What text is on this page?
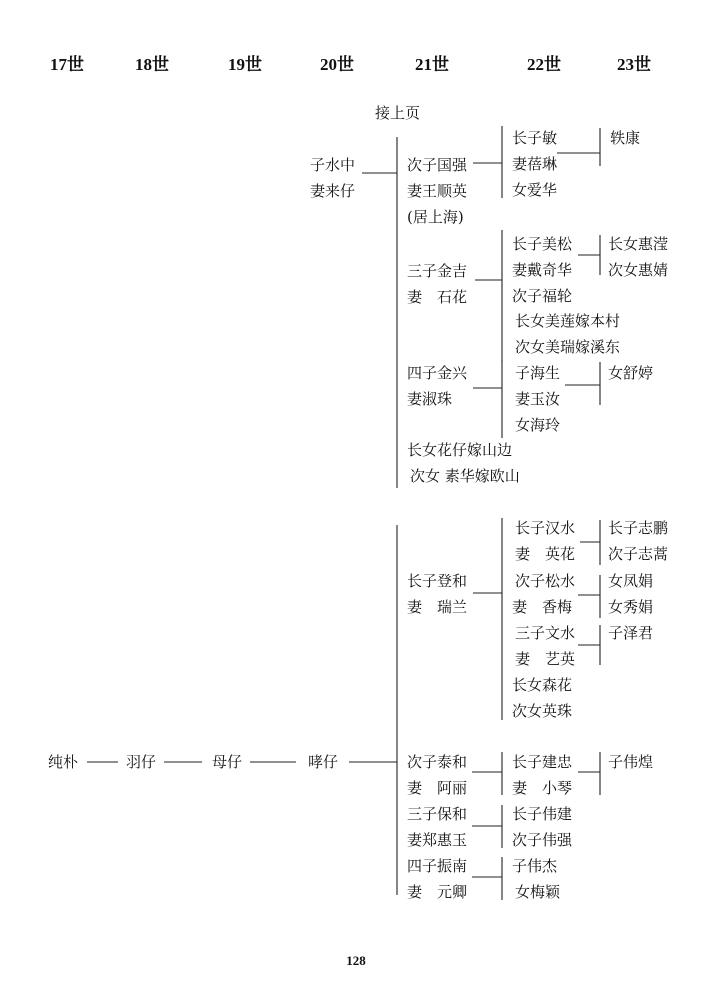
17世	18世	19世	20世	21世	22世	23世
接上页
子水中
妻来仔
次子国强
妻王顺英
(居上海)
长子敏
妻蓓琳
女爱华
轶康
三子金吉
妻　石花
长子美松
妻戴奇华
次子福轮
长女美莲嫁本村
次女美瑞嫁溪东
长女惠滢
次女惠婧
四子金兴
妻淑珠
子海生
妻玉汝
女海玲
女舒婷
长女花仔嫁山边
次女 素华嫁欧山
纯朴	羽仔	母仔	哮仔
长子登和
妻　瑞兰
长子汉水
妻　英花
次子松水
妻　香梅
三子文水
妻　艺英
长女森花
次女英珠
长子志鹏
次子志蒿
女凤娟
女秀娟
子泽君
次子泰和
妻　阿丽
长子建忠
妻　小琴
子伟煌
三子保和
妻郑惠玉
长子伟建
次子伟强
四子振南
妻　元卿
子伟杰
女梅颖
128
